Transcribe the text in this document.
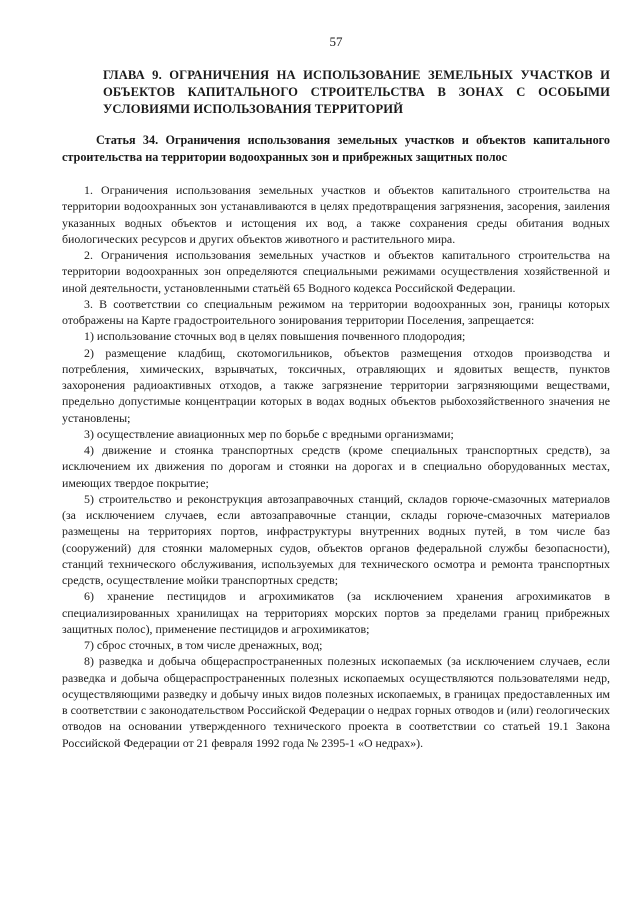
57
ГЛАВА 9. ОГРАНИЧЕНИЯ НА ИСПОЛЬЗОВАНИЕ ЗЕМЕЛЬНЫХ УЧАСТКОВ И ОБЪЕКТОВ КАПИТАЛЬНОГО СТРОИТЕЛЬСТВА В ЗОНАХ С ОСОБЫМИ УСЛОВИЯМИ ИСПОЛЬЗОВАНИЯ ТЕРРИТОРИЙ
Статья 34. Ограничения использования земельных участков и объектов капитального строительства на территории водоохранных зон и прибрежных защитных полос

1. Ограничения использования земельных участков и объектов капитального строительства на территории водоохранных зон устанавливаются в целях предотвращения загрязнения, засорения, заиления указанных водных объектов и истощения их вод, а также сохранения среды обитания водных биологических ресурсов и других объектов животного и растительного мира.

2. Ограничения использования земельных участков и объектов капитального строительства на территории водоохранных зон определяются специальными режимами осуществления хозяйственной и иной деятельности, установленными статьёй 65 Водного кодекса Российской Федерации.

3. В соответствии со специальным режимом на территории водоохранных зон, границы которых отображены на Карте градостроительного зонирования территории Поселения, запрещается:

1) использование сточных вод в целях повышения почвенного плодородия;

2) размещение кладбищ, скотомогильников, объектов размещения отходов производства и потребления, химических, взрывчатых, токсичных, отравляющих и ядовитых веществ, пунктов захоронения радиоактивных отходов, а также загрязнение территории загрязняющими веществами, предельно допустимые концентрации которых в водах водных объектов рыбохозяйственного значения не установлены;

3) осуществление авиационных мер по борьбе с вредными организмами;

4) движение и стоянка транспортных средств (кроме специальных транспортных средств), за исключением их движения по дорогам и стоянки на дорогах и в специально оборудованных местах, имеющих твердое покрытие;

5) строительство и реконструкция автозаправочных станций, складов горюче-смазочных материалов (за исключением случаев, если автозаправочные станции, склады горюче-смазочных материалов размещены на территориях портов, инфраструктуры внутренних водных путей, в том числе баз (сооружений) для стоянки маломерных судов, объектов органов федеральной службы безопасности), станций технического обслуживания, используемых для технического осмотра и ремонта транспортных средств, осуществление мойки транспортных средств;

6) хранение пестицидов и агрохимикатов (за исключением хранения агрохимикатов в специализированных хранилищах на территориях морских портов за пределами границ прибрежных защитных полос), применение пестицидов и агрохимикатов;

7) сброс сточных, в том числе дренажных, вод;

8) разведка и добыча общераспространенных полезных ископаемых (за исключением случаев, если разведка и добыча общераспространенных полезных ископаемых осуществляются пользователями недр, осуществляющими разведку и добычу иных видов полезных ископаемых, в границах предоставленных им в соответствии с законодательством Российской Федерации о недрах горных отводов и (или) геологических отводов на основании утвержденного технического проекта в соответствии со статьей 19.1 Закона Российской Федерации от 21 февраля 1992 года № 2395-1 «О недрах»).
